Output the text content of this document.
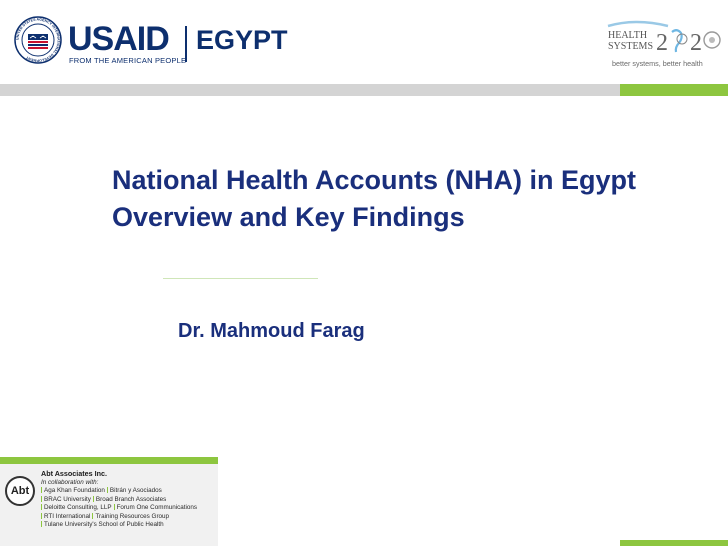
UNITED STATES AGENCY INTERNATIONAL DEVELOPMENT	USAID EGYPT
FROM THE AMERICAN PEOPLE
HEALTH
SYSTEMS 2 2
better systems, better health
National Health Accounts (NHA) in Egypt
Overview and Key Findings
Dr. Mahmoud Farag
Abt
Abt Associates Inc.
In collaboration with:
Aga Khan Foundation Bitrán y Asociados
BRAC University Broad Branch Associates
Deloitte Consulting, LLP Forum One Communications
RTI International Training Resources Group
Tulane University's School of Public Health
